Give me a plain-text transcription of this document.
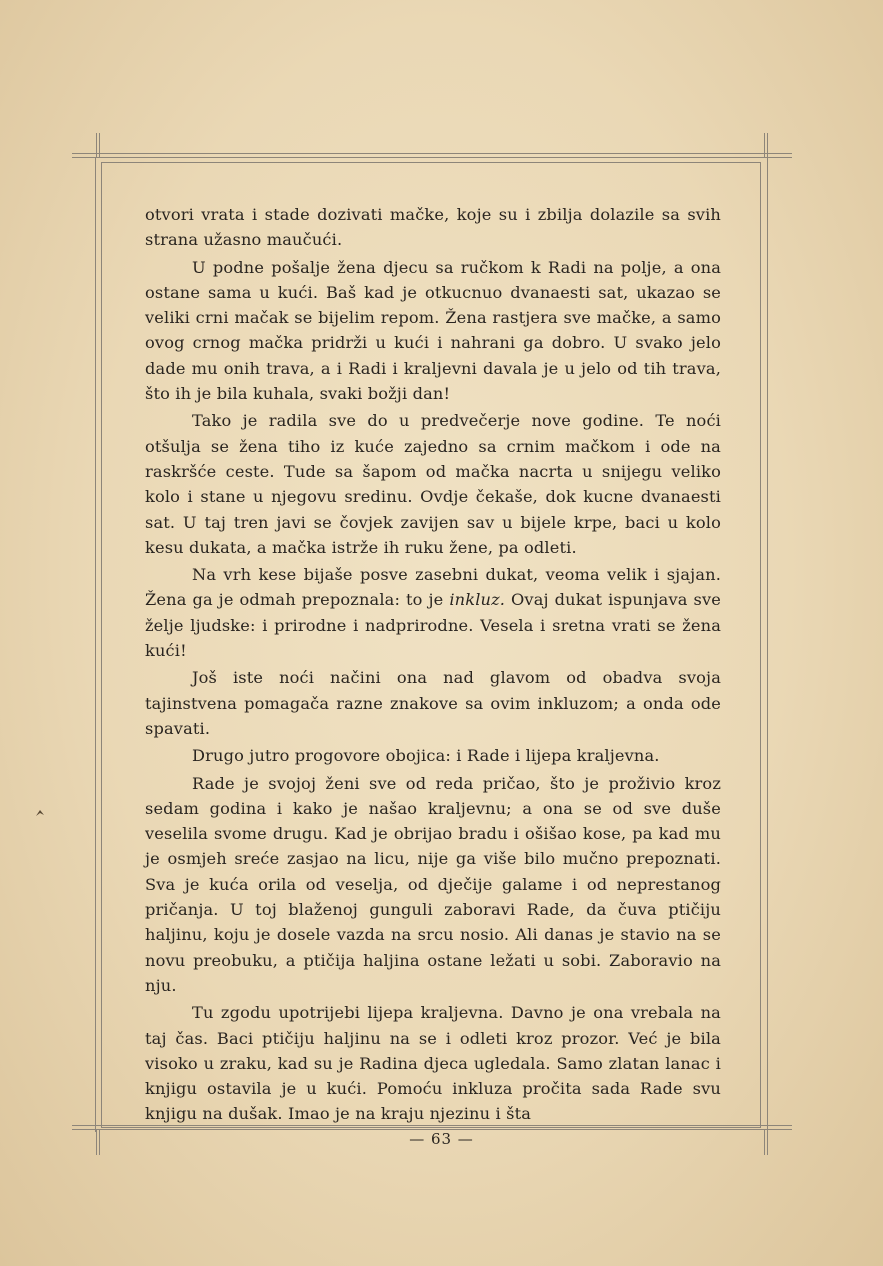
otvori vrata i stade dozivati mačke, koje su i zbilja dolazile sa svih strana užasno maučući.

U podne pošalje žena djecu sa ručkom k Radi na polje, a ona ostane sama u kući. Baš kad je otkucnuo dvanaesti sat, ukazao se veliki crni mačak se bijelim repom. Žena rastjera sve mačke, a samo ovog crnog mačka pridrži u kući i nahrani ga dobro. U svako jelo dade mu onih trava, a i Radi i kraljevni davala je u jelo od tih trava, što ih je bila kuhala, svaki božji dan!

Tako je radila sve do u predvečerje nove godine. Te noći otšulja se žena tiho iz kuće zajedno sa crnim mačkom i ode na raskršće ceste. Tude sa šapom od mačka nacrta u snijegu veliko kolo i stane u njegovu sredinu. Ovdje čekaše, dok kucne dvanaesti sat. U taj tren javi se čovjek zavijen sav u bijele krpe, baci u kolo kesu dukata, a mačka istrže ih ruku žene, pa odleti.

Na vrh kese bijaše posve zasebni dukat, veoma velik i sjajan. Žena ga je odmah prepoznala: to je inkluz. Ovaj dukat ispunjava sve želje ljudske: i prirodne i nadprirodne. Vesela i sretna vrati se žena kući!

Još iste noći načini ona nad glavom od obadva svoja tajinstvena pomagača razne znakove sa ovim inkluzom; a onda ode spavati.

Drugo jutro progovore obojica: i Rade i lijepa kraljevna.

Rade je svojoj ženi sve od reda pričao, što je proživio kroz sedam godina i kako je našao kraljevnu; a ona se od sve duše veselila svome drugu. Kad je obrijao bradu i ošišao kose, pa kad mu je osmjeh sreće zasjao na licu, nije ga više bilo mučno prepoznati. Sva je kuća orila od veselja, od dječije galame i od neprestanog pričanja. U toj blaženoj gunguli zaboravi Rade, da čuva ptičiju haljinu, koju je dosele vazda na srcu nosio. Ali danas je stavio na se novu preobuku, a ptičija haljina ostane ležati u sobi. Zaboravio na nju.

Tu zgodu upotrijebi lijepa kraljevna. Davno je ona vrebala na taj čas. Baci ptičiju haljinu na se i odleti kroz prozor. Već je bila visoko u zraku, kad su je Radina djeca ugledala. Samo zlatan lanac i knjigu ostavila je u kući. Pomoću inkluza pročita sada Rade svu knjigu na dušak. Imao je na kraju njezinu i šta

— 63 —
